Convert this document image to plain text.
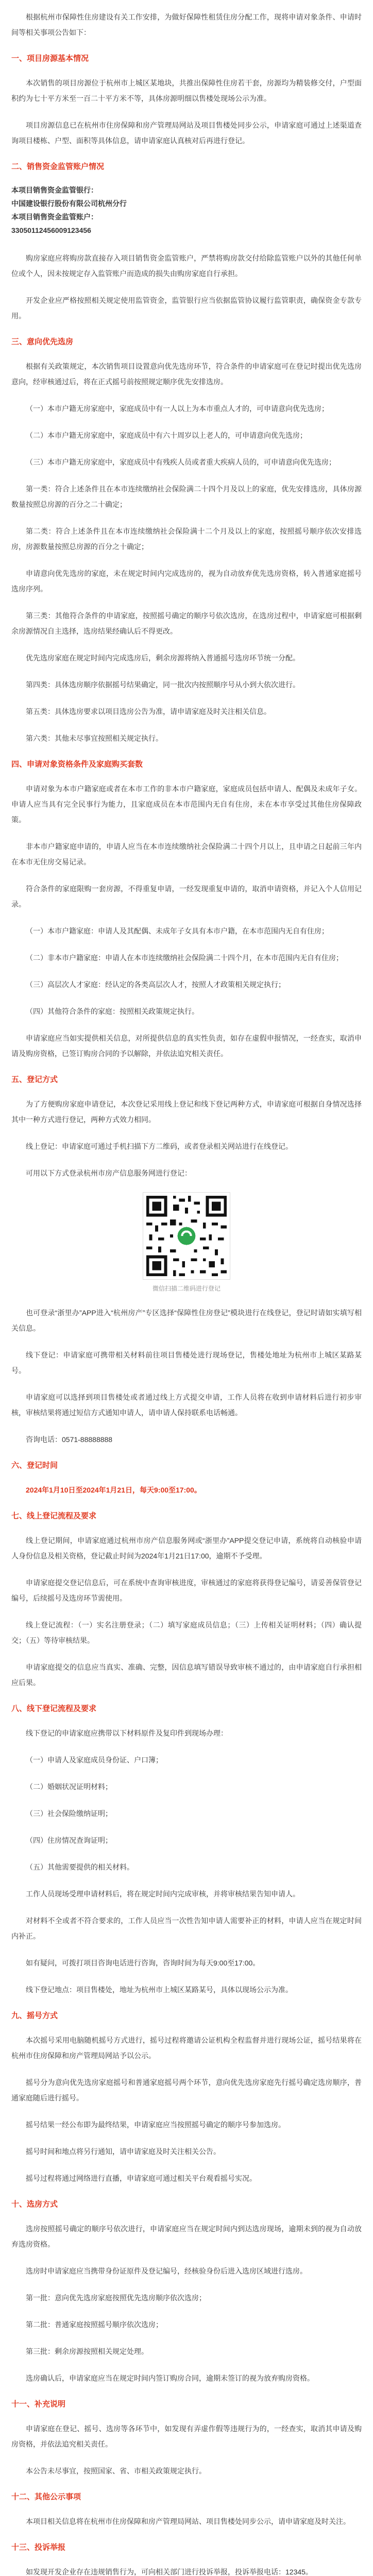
根据杭州市保障性住房建设有关工作安排，为做好保障性租赁住房分配工作，现将申请对象条件、申请时间等相关事项公告如下：

一、项目房源基本情况

本次销售的项目房源位于杭州市上城区某地块，共推出保障性住房若干套，房源均为精装修交付，户型面积约为七十平方米至一百二十平方米不等，具体房源明细以售楼处现场公示为准。

项目房源信息已在杭州市住房保障和房产管理局网站及项目售楼处同步公示，申请家庭可通过上述渠道查询项目楼栋、户型、面积等具体信息，请申请家庭认真核对后再进行登记。

二、销售资金监管账户情况
本项目销售资金监管银行：
中国建设银行股份有限公司杭州分行
本项目销售资金监管账户：
33050112456009123456

购房家庭应将购房款直接存入项目销售资金监管账户，严禁将购房款交付给除监管账户以外的其他任何单位或个人，因未按规定存入监管账户而造成的损失由购房家庭自行承担。

开发企业应严格按照相关规定使用监管资金，监管银行应当依据监管协议履行监管职责，确保资金专款专用。

三、意向优先选房

根据有关政策规定，本次销售项目设置意向优先选房环节，符合条件的申请家庭可在登记时提出优先选房意向，经审核通过后，将在正式摇号前按照规定顺序优先安排选房。

（一）本市户籍无房家庭中，家庭成员中有一人以上为本市重点人才的，可申请意向优先选房；

（二）本市户籍无房家庭中，家庭成员中有六十周岁以上老人的，可申请意向优先选房；

（三）本市户籍无房家庭中，家庭成员中有残疾人员或者重大疾病人员的，可申请意向优先选房；

第一类：符合上述条件且在本市连续缴纳社会保险满二十四个月及以上的家庭，优先安排选房，具体房源数量按照总房源的百分之二十确定；

第二类：符合上述条件且在本市连续缴纳社会保险满十二个月及以上的家庭，按照摇号顺序依次安排选房，房源数量按照总房源的百分之十确定；

申请意向优先选房的家庭，未在规定时间内完成选房的，视为自动放弃优先选房资格，转入普通家庭摇号选房序列。

第三类：其他符合条件的申请家庭，按照摇号确定的顺序号依次选房，在选房过程中，申请家庭可根据剩余房源情况自主选择，选房结果经确认后不得更改。

优先选房家庭在规定时间内完成选房后，剩余房源将纳入普通摇号选房环节统一分配。

第四类：具体选房顺序依据摇号结果确定，同一批次内按照顺序号从小到大依次进行。

第五类：具体选房要求以项目选房公告为准，请申请家庭及时关注相关信息。

第六类：其他未尽事宜按照相关规定执行。

四、申请对象资格条件及家庭购买套数

申请对象为本市户籍家庭或者在本市工作的非本市户籍家庭，家庭成员包括申请人、配偶及未成年子女。申请人应当具有完全民事行为能力，且家庭成员在本市范围内无自有住房，未在本市享受过其他住房保障政策。

非本市户籍家庭申请的，申请人应当在本市连续缴纳社会保险满二十四个月以上，且申请之日起前三年内在本市无住房交易记录。

符合条件的家庭限购一套房源，不得重复申请，一经发现重复申请的，取消申请资格，并记入个人信用记录。

（一）本市户籍家庭：申请人及其配偶、未成年子女具有本市户籍，在本市范围内无自有住房；

（二）非本市户籍家庭：申请人在本市连续缴纳社会保险满二十四个月，在本市范围内无自有住房；

（三）高层次人才家庭：经认定的各类高层次人才，按照人才政策相关规定执行；

（四）其他符合条件的家庭：按照相关政策规定执行。

申请家庭应当如实提供相关信息，对所提供信息的真实性负责，如存在虚假申报情况，一经查实，取消申请及购房资格，已签订购房合同的予以解除，并依法追究相关责任。

五、登记方式

为了方便购房家庭申请登记，本次登记采用线上登记和线下登记两种方式，申请家庭可根据自身情况选择其中一种方式进行登记，两种方式效力相同。

线上登记：申请家庭可通过手机扫描下方二维码，或者登录相关网站进行在线登记。

可用以下方式登录杭州市房产信息服务网进行登记：

微信扫描二维码进行登记

也可登录“浙里办”APP进入“杭州房产”专区选择“保障性住房登记”模块进行在线登记，登记时请如实填写相关信息。

线下登记：申请家庭可携带相关材料前往项目售楼处进行现场登记，售楼处地址为杭州市上城区某路某号。

申请家庭可以选择到项目售楼处或者通过线上方式提交申请，工作人员将在收到申请材料后进行初步审核，审核结果将通过短信方式通知申请人，请申请人保持联系电话畅通。

咨询电话：0571-88888888

六、登记时间

2024年1月10日至2024年1月21日，每天9:00至17:00。

七、线上登记流程及要求

线上登记期间，申请家庭通过杭州市房产信息服务网或“浙里办”APP提交登记申请，系统将自动核验申请人身份信息及相关资格，登记截止时间为2024年1月21日17:00，逾期不予受理。

申请家庭提交登记信息后，可在系统中查询审核进度，审核通过的家庭将获得登记编号，请妥善保管登记编号，后续摇号及选房环节需使用。

线上登记流程：（一）实名注册登录；（二）填写家庭成员信息；（三）上传相关证明材料；（四）确认提交；（五）等待审核结果。

申请家庭提交的信息应当真实、准确、完整，因信息填写错误导致审核不通过的，由申请家庭自行承担相应后果。

八、线下登记流程及要求

线下登记的申请家庭应携带以下材料原件及复印件到现场办理：

（一）申请人及家庭成员身份证、户口簿；

（二）婚姻状况证明材料；

（三）社会保险缴纳证明；

（四）住房情况查询证明；

（五）其他需要提供的相关材料。

工作人员现场受理申请材料后，将在规定时间内完成审核，并将审核结果告知申请人。

对材料不全或者不符合要求的，工作人员应当一次性告知申请人需要补正的材料，申请人应当在规定时间内补正。

如有疑问，可拨打项目咨询电话进行咨询，咨询时间为每天9:00至17:00。

线下登记地点：项目售楼处，地址为杭州市上城区某路某号，具体以现场公示为准。

九、摇号方式

本次摇号采用电脑随机摇号方式进行，摇号过程将邀请公证机构全程监督并进行现场公证，摇号结果将在杭州市住房保障和房产管理局网站予以公示。

摇号分为意向优先选房家庭摇号和普通家庭摇号两个环节，意向优先选房家庭先行摇号确定选房顺序，普通家庭随后进行摇号。

摇号结果一经公布即为最终结果，申请家庭应当按照摇号确定的顺序号参加选房。

摇号时间和地点将另行通知，请申请家庭及时关注相关公告。

摇号过程将通过网络进行直播，申请家庭可通过相关平台观看摇号实况。

十、选房方式

选房按照摇号确定的顺序号依次进行，申请家庭应当在规定时间内到达选房现场，逾期未到的视为自动放弃选房资格。

选房时申请家庭应当携带身份证原件及登记编号，经核验身份后进入选房区域进行选房。

第一批：意向优先选房家庭按照优先选房顺序依次选房；

第二批：普通家庭按照摇号顺序依次选房；

第三批：剩余房源按照相关规定处理。

选房确认后，申请家庭应当在规定时间内签订购房合同，逾期未签订的视为放弃购房资格。

十一、补充说明

申请家庭在登记、摇号、选房等各环节中，如发现有弄虚作假等违规行为的，一经查实，取消其申请及购房资格，并依法追究相关责任。

本公告未尽事宜，按照国家、省、市相关政策规定执行。

十二、其他公示事项

本项目相关信息将在杭州市住房保障和房产管理局网站、项目售楼处同步公示，请申请家庭及时关注。

十三、投诉举报

如发现开发企业存在违规销售行为，可向相关部门进行投诉举报，投诉举报电话：12345。
